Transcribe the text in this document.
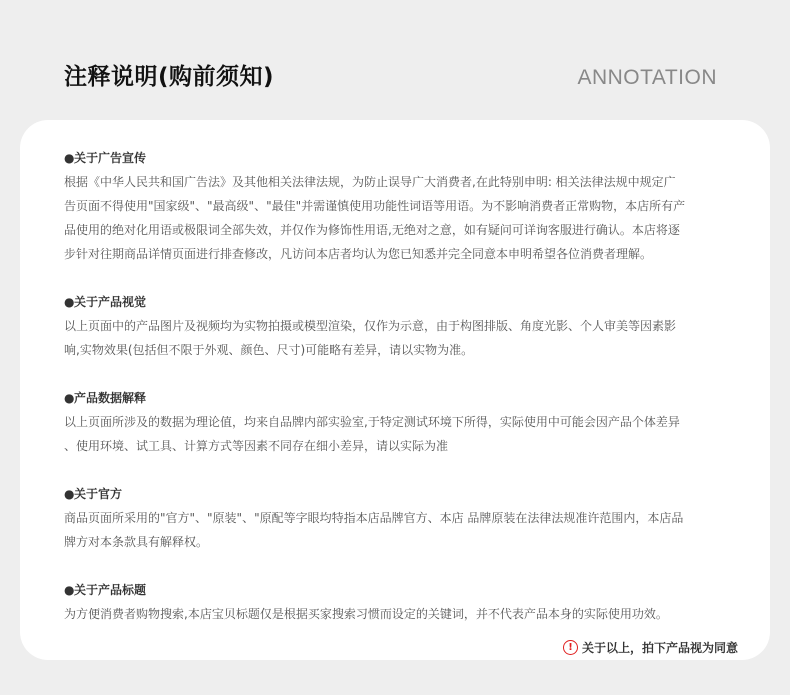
注释说明(购前须知)	ANNOTATION
●关于广告宣传

根据《中华人民共和国广告法》及其他相关法律法规，为防止误导广大消费者,在此特别申明: 相关法律法规中规定广
告页面不得使用"国家级"、"最高级"、"最佳"并需谨慎使用功能性词语等用语。为不影响消费者正常购物，本店所有产
品使用的绝对化用语或极限词全部失效，并仅作为修饰性用语,无绝对之意，如有疑问可详询客服进行确认。本店将逐
步针对往期商品详情页面进行排查修改，凡访问本店者均认为您已知悉并完全同意本申明希望各位消费者理解。

●关于产品视觉

以上页面中的产品图片及视频均为实物拍摄或模型渲染，仅作为示意，由于构图排版、角度光影、个人审美等因素影
响,实物效果(包括但不限于外观、颜色、尺寸)可能略有差异，请以实物为准。

●产品数据解释

以上页面所涉及的数据为理论值，均来自品牌内部实验室,于特定测试环境下所得，实际使用中可能会因产品个体差异
、使用环境、试工具、计算方式等因素不同存在细小差异，请以实际为准

●关于官方

商品页面所采用的"官方"、"原装"、"原配等字眼均特指本店品牌官方、本店 品牌原装在法律法规准许范围内，本店品
牌方对本条款具有解释权。

●关于产品标题

为方便消费者购物搜索,本店宝贝标题仅是根据买家搜索习惯而设定的关键词，并不代表产品本身的实际使用功效。

! 关于以上，拍下产品视为同意
